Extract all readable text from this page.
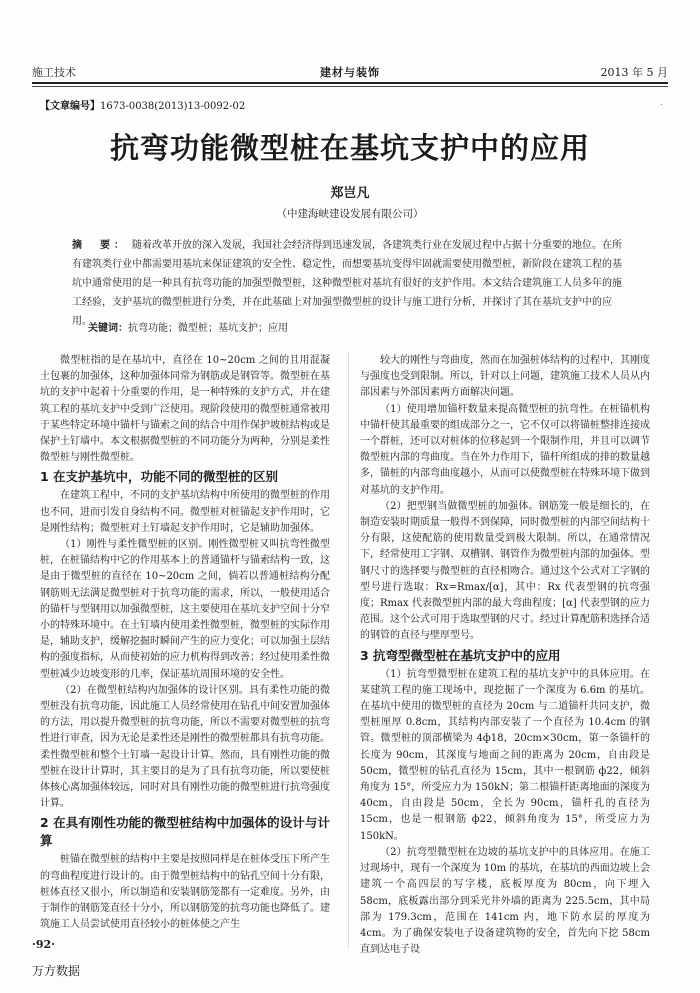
施工技术	建材与装饰	2013 年 5 月
【文章编号】1673-0038(2013)13-0092-02	·
抗弯功能微型桩在基坑支护中的应用
郑岂凡
（中建海峡建设发展有限公司）
摘　要： 随着改革开放的深入发展，我国社会经济得到迅速发展，各建筑类行业在发展过程中占据十分重要的地位。在所有建筑类行业中都需要用基坑来保证建筑的安全性、稳定性，而想要基坑变得牢固就需要使用微型桩，新阶段在建筑工程的基坑中通常使用的是一种具有抗弯功能的加强型微型桩，这种微型桩对基坑有很好的支护作用。本文结合建筑施工人员多年的施工经验，支护基坑的微型桩进行分类，并在此基础上对加强型微型桩的设计与施工进行分析，并探讨了其在基坑支护中的应用。
关键词：抗弯功能；微型桩；基坑支护；应用

微型桩指的是在基坑中，直径在 10~20cm 之间的且用混凝土包裹的加强体，这种加强体同常为钢筋或是钢管等。微型桩在基坑的支护中起着十分重要的作用，是一种特殊的支护方式，并在建筑工程的基坑支护中受到广泛使用。现阶段使用的微型桩通常被用于某些特定环境中锚杆与锚索之间的结合中用作保护坡桩结构或是保护土钉墙中。本文根据微型桩的不同功能分为两种，分别是柔性微型桩与刚性微型桩。

1 在支护基坑中，功能不同的微型桩的区别

在建筑工程中，不同的支护基坑结构中所使用的微型桩的作用也不同，进而引发自身结构不同。微型桩对桩锚起支护作用时，它是刚性结构；微型桩对土钉墙起支护作用时，它是辅助加强体。

（1）刚性与柔性微型桩的区别。刚性微型桩又叫抗弯性微型桩，在桩锚结构中它的作用基本上的普通锚杆与锚索结构一致，这是由于微型桩的直径在 10~20cm 之间，倘若以普通桩结构分配钢筋则无法满足微型桩对于抗弯功能的需求，所以，一般使用适合的锚杆与型钢用以加强微型桩，这主要使用在基坑支护空间十分窄小的特殊环境中。在土钉墙内使用柔性微型桩，微型桩的实际作用是，辅助支护，缓解挖掘时瞬间产生的应力变化；可以加强土层结构的强度指标，从而使初始的应力机构得到改善；经过使用柔性微型桩减少边坡变形的几率，保证基坑周围环境的安全性。

（2）在微型桩结构内加强体的设计区别。具有柔性功能的微型桩没有抗弯功能，因此施工人员经常使用在钻孔中间安置加强体的方法，用以提升微型桩的抗弯功能，所以不需要对微型桩的抗弯性进行审查，因为无论是柔性还是刚性的微型桩都具有抗弯功能。柔性微型桩和整个土钉墙一起设计计算。然而，具有刚性功能的微型桩在设计计算时，其主要目的是为了具有抗弯功能，所以要使桩体核心离加强体较远，同时对具有刚性功能的微型桩进行抗弯强度计算。

2 在具有刚性功能的微型桩结构中加强体的设计与计算

桩锚在微型桩的结构中主要是按照同样是在桩体受压下所产生的弯曲程度进行设计的。由于微型桩结构中的钻孔空间十分有限，桩体直径又很小，所以制造和安装钢筋笼都有一定难度。另外，由于制作的钢筋笼直径十分小，所以钢筋笼的抗弯功能也降低了。建筑施工人员尝试使用直径较小的桩体使之产生

较大的刚性与弯曲度，然而在加强桩体结构的过程中，其刚度与强度也受到限制。所以，针对以上问题，建筑施工技术人员从内部因素与外部因素两方面解决问题。

（1）使用增加锚杆数量来提高微型桩的抗弯性。在桩锚机构中锚杆使其最重要的组成部分之一，它不仅可以将锚桩整排连接成一个群桩，还可以对桩体的位移起到一个限制作用，并且可以调节微型桩内部的弯曲度。当在外力作用下，锚杆所组成的排的数量越多，锚桩的内部弯曲度越小，从而可以使微型桩在特殊环境下做到对基坑的支护作用。

（2）把型钢当做微型桩的加强体。钢筋笼一般是细长的，在制造安装时期质量一般得不到保障，同时微型桩的内部空间结构十分有限，这使配筋的使用数量受到极大限制。所以，在通常情况下，经常使用工字钢、双槽钢、钢管作为微型桩内部的加强体。型钢尺寸的选择要与微型桩的直径相吻合。通过这个公式对工字钢的型号进行选取：Rx=Rmax/[α]，其中：Rx 代表型钢的抗弯强度；Rmax 代表微型桩内部的最大弯曲程度；[α] 代表型钢的应力范围。这个公式可用于选取型钢的尺寸。经过计算配筋积选择合适的钢管的直径与壁厚型号。

3 抗弯型微型桩在基坑支护中的应用

（1）抗弯型微型桩在建筑工程的基坑支护中的具体应用。在某建筑工程的施工现场中，现挖掘了一个深度为 6.6m 的基坑。在基坑中使用的微型桩的直径为 20cm 与二道锚杆共同支护，微型桩厘厚 0.8cm，其结构内部安装了一个直径为 10.4cm 的钢管。微型桩的顶部横梁为 4ф18，20cm×30cm，第一条锚杆的长度为 90cm，其深度与地面之间的距离为 20cm，自由段是 50cm，微型桩的钻孔直径为 15cm，其中一根钢筋 ф22，倾斜角度为 15°，所受应力为 150kN；第二根锚杆距离地面的深度为 40cm，自由段是 50cm，全长为 90cm，锚杆孔的直径为 15cm，也是一根钢筋 ф22，倾斜角度为 15°，所受应力为 150kN。

（2）抗弯型微型桩在边坡的基坑支护中的具体应用。在施工过现场中，现有一个深度为 10m 的基坑，在基坑的西面边坡上会建筑一个高四层的写字楼，底板厚度为 80cm，向下埋入 58cm，底板露出部分到采光井外墙的距离为 225.5cm，其中局部为 179.3cm，范围在 141cm 内，地下防水层的厚度为 4cm。为了确保安装电子设备建筑物的安全，首先向下挖 58cm 直到达电子设

·92·
万方数据
